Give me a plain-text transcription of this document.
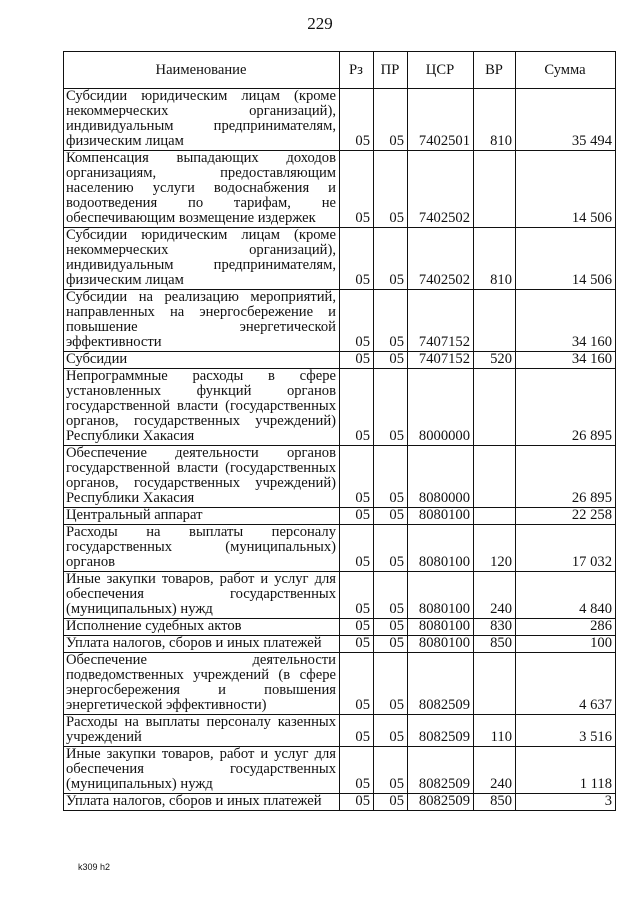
229
Наименование	Рз	ПР	ЦСР	ВР	Сумма
Субсидии юридическим лицам (кроме некоммерческих организаций), индивидуальным предпринимателям, физическим лицам	05	05	7402501	810	35 494
Компенсация выпадающих доходов организациям, предоставляющим населению услуги водоснабжения и водоотведения по тарифам, не обеспечивающим возмещение издержек	05	05	7402502		14 506
Субсидии юридическим лицам (кроме некоммерческих организаций), индивидуальным предпринимателям, физическим лицам	05	05	7402502	810	14 506
Субсидии на реализацию мероприятий, направленных на энергосбережение и повышение энергетической эффективности	05	05	7407152		34 160
Субсидии	05	05	7407152	520	34 160
Непрограммные расходы в сфере установленных функций органов государственной власти (государственных органов, государственных учреждений) Республики Хакасия	05	05	8000000		26 895
Обеспечение деятельности органов государственной власти (государственных органов, государственных учреждений) Республики Хакасия	05	05	8080000		26 895
Центральный аппарат	05	05	8080100		22 258
Расходы на выплаты персоналу государственных (муниципальных) органов	05	05	8080100	120	17 032
Иные закупки товаров, работ и услуг для обеспечения государственных (муниципальных) нужд	05	05	8080100	240	4 840
Исполнение судебных актов	05	05	8080100	830	286
Уплата налогов, сборов и иных платежей	05	05	8080100	850	100
Обеспечение деятельности подведомственных учреждений (в сфере энергосбережения и повышения энергетической эффективности)	05	05	8082509		4 637
Расходы на выплаты персоналу казенных учреждений	05	05	8082509	110	3 516
Иные закупки товаров, работ и услуг для обеспечения государственных (муниципальных) нужд	05	05	8082509	240	1 118
Уплата налогов, сборов и иных платежей	05	05	8082509	850	3
k309 h2
